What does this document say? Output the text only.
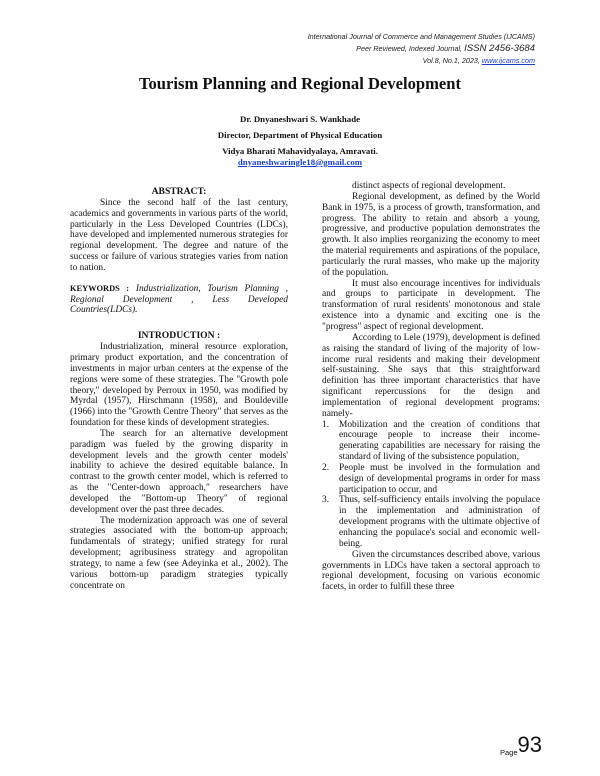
International Journal of Commerce and Management Studies (IJCAMS)
Peer Reviewed, Indexed Journal, ISSN 2456-3684
Vol.8, No.1, 2023, www.ijcams.com
Tourism Planning and Regional Development
Dr. Dnyaneshwari S. Wankhade
Director, Department of Physical Education
Vidya Bharati Mahavidyalaya, Amravati.
dnyaneshwaringle18@gmail.com

ABSTRACT:

Since the second half of the last century, academics and governments in various parts of the world, particularly in the Less Developed Countries (LDCs), have developed and implemented numerous strategies for regional development. The degree and nature of the success or failure of various strategies varies from nation to nation.

KEYWORDS : Industrialization, Tourism Planning , Regional Development , Less Developed Countries(LDCs).

INTRODUCTION :

Industrialization, mineral resource exploration, primary product exportation, and the concentration of investments in major urban centers at the expense of the regions were some of these strategies. The "Growth pole theory," developed by Perroux in 1950, was modified by Myrdal (1957), Hirschmann (1958), and Bouldeville (1966) into the "Growth Centre Theory" that serves as the foundation for these kinds of development strategies.

The search for an alternative development paradigm was fueled by the growing disparity in development levels and the growth center models' inability to achieve the desired equitable balance. In contrast to the growth center model, which is referred to as the "Center-down approach," researchers have developed the "Bottom-up Theory" of regional development over the past three decades.

The modernization approach was one of several strategies associated with the bottom-up approach; fundamentals of strategy; unified strategy for rural development; agribusiness strategy and agropolitan strategy, to name a few (see Adeyinka et al., 2002). The various bottom-up paradigm strategies typically concentrate on

distinct aspects of regional development.

Regional development, as defined by the World Bank in 1975, is a process of growth, transformation, and progress. The ability to retain and absorb a young, progressive, and productive population demonstrates the growth. It also implies reorganizing the economy to meet the material requirements and aspirations of the populace, particularly the rural masses, who make up the majority of the population.

It must also encourage incentives for individuals and groups to participate in development. The transformation of rural residents' monotonous and stale existence into a dynamic and exciting one is the "progress" aspect of regional development.

According to Lele (1979), development is defined as raising the standard of living of the majority of low-income rural residents and making their development self-sustaining. She says that this straightforward definition has three important characteristics that have significant repercussions for the design and implementation of regional development programs: namely-

1. Mobilization and the creation of conditions that encourage people to increase their income- generating capabilities are necessary for raising the standard of living of the subsistence population,
2. People must be involved in the formulation and design of developmental programs in order for mass participation to occur, and
3. Thus, self-sufficiency entails involving the populace in the implementation and administration of development programs with the ultimate objective of enhancing the populace's social and economic well-being.

Given the circumstances described above, various governments in LDCs have taken a sectoral approach to regional development, focusing on various economic facets, in order to fulfill these three

Page93
